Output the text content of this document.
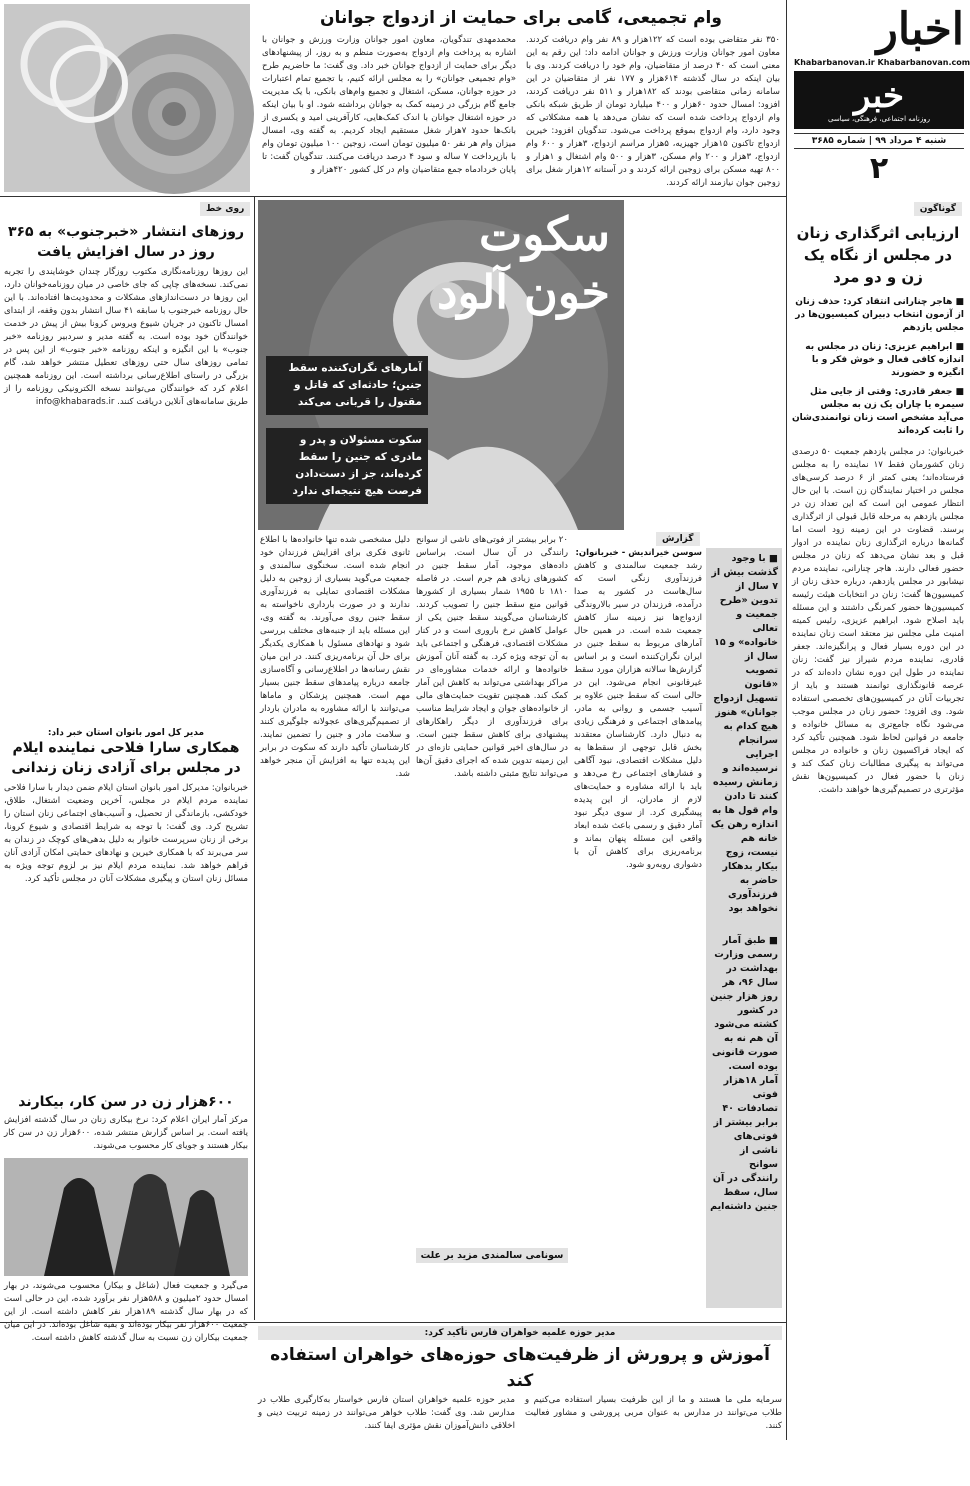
اخبار
Khabarbanovan.ir Khabarbanovan.com
خبر
روزنامه اجتماعی، فرهنگی، سیاسی
شنبه ۴ مرداد ۹۹ | شماره ۳۶۸۵
۲
وام تجمیعی، گامی برای حمایت از ازدواج جوانان
محمدمهدی تندگویان، معاون امور جوانان وزارت ورزش و جوانان با اشاره به پرداخت وام ازدواج به‌صورت منظم و به روز، از پیشنهادهای دیگر برای حمایت از ازدواج جوانان خبر داد. وی گفت: ما حاضریم طرح «وام تجمیعی جوانان» را به مجلس ارائه کنیم، با تجمیع تمام اعتبارات در حوزه جوانان، مسکن، اشتغال و تجمیع وام‌های بانکی، با یک مدیریت جامع گام بزرگی در زمینه کمک به جوانان برداشته شود. او با بیان اینکه در حوزه اشتغال جوانان با اندک کمک‌هایی، کارآفرینی امید و یکسری از بانک‌ها حدود ۷هزار شغل مستقیم ایجاد کردیم. به گفته وی، امسال میزان وام هر نفر ۵۰ میلیون تومان است، زوجین ۱۰۰ میلیون تومان وام با بازپرداخت ۷ ساله و سود ۴ درصد دریافت می‌کنند. تندگویان گفت: تا پایان خردادماه جمع متقاضیان وام در کل کشور ۴۲۰هزار و
۳۵۰ نفر متقاضی بوده است که ۱۲۲هزار و ۸۹ نفر وام دریافت کردند. معاون امور جوانان وزارت ورزش و جوانان ادامه داد: این رقم به این معنی است که ۴۰ درصد از متقاضیان، وام خود را دریافت کردند. وی با بیان اینکه در سال گذشته ۶۱۴هزار و ۱۷۷ نفر از متقاضیان در این سامانه زمانی متقاضی بودند که ۱۸۲هزار و ۵۱۱ نفر دریافت کردند، افزود: امسال حدود ۶۰هزار و ۴۰۰ میلیارد تومان از طریق شبکه بانکی وام ازدواج پرداخت شده است که نشان می‌دهد با همه مشکلاتی که وجود دارد، وام ازدواج بموقع پرداخت می‌شود. تندگویان افزود: خیرین ازدواج تاکنون ۱۵هزار جهیزیه، ۵هزار مراسم ازدواج، ۳هزار و ۶۰۰ وام ازدواج، ۳هزار و ۲۰۰ وام مسکن، ۳هزار و ۵۰۰ وام اشتغال و ۱هزار و ۸۰۰ تهیه مسکن برای زوجین ارائه کردند و در آستانه ۱۲هزار شغل برای زوجین جوان نیازمند ارائه کردند.
گوناگون
ارزیابی اثرگذاری زنان در مجلس از نگاه یک زن و دو مرد
■ هاجر چنارانی انتقاد کرد: حذف زنان از آزمون انتخاب دبیران کمیسیون‌ها در مجلس یازدهم
■ ابراهیم عزیزی: زنان در مجلس به اندازه کافی فعال و خوش فکر و با انگیزه و حضورند
■ جعفر قادری: وقتی از جایی مثل سیمره یا چاران یک زن به مجلس می‌آید مشخص است زنان توانمندی‌شان را ثابت کرده‌اند
خبربانوان: در مجلس یازدهم جمعیت ۵۰ درصدی زنان کشورمان فقط ۱۷ نماینده را به مجلس فرستاده‌اند؛ یعنی کمتر از ۶ درصد کرسی‌های مجلس در اختیار نمایندگان زن است. با این حال انتظار عمومی این است که این تعداد زن در مجلس یازدهم به مرحله قابل قبولی از اثرگذاری برسند. قضاوت در این زمینه زود است اما گمانه‌ها درباره اثرگذاری زنان نماینده در ادوار قبل و بعد نشان می‌دهد که زنان در مجلس حضور فعالی دارند. هاجر چنارانی، نماینده مردم نیشابور در مجلس یازدهم، درباره حذف زنان از کمیسیون‌ها گفت: زنان در انتخابات هیئت رئیسه کمیسیون‌ها حضور کمرنگی داشتند و این مسئله باید اصلاح شود. ابراهیم عزیزی، رئیس کمیته امنیت ملی مجلس نیز معتقد است زنان نماینده در این دوره بسیار فعال و پرانگیزه‌اند. جعفر قادری، نماینده مردم شیراز نیز گفت: زنان نماینده در طول این دوره نشان داده‌اند که در عرصه قانونگذاری توانمند هستند و باید از تجربیات آنان در کمیسیون‌های تخصصی استفاده شود. وی افزود: حضور زنان در مجلس موجب می‌شود نگاه جامع‌تری به مسائل خانواده و جامعه در قوانین لحاظ شود. همچنین تأکید کرد که ایجاد فراکسیون زنان و خانواده در مجلس می‌تواند به پیگیری مطالبات زنان کمک کند و زنان با حضور فعال در کمیسیون‌ها نقش مؤثرتری در تصمیم‌گیری‌ها خواهند داشت.
سکوت
خون آلود
آمارهای نگران‌کننده سقط جنین؛ حادثه‌ای که قاتل و مقتول را قربانی می‌کند
سکوت مسئولان و پدر و مادری که جنین را سقط کرده‌اند، جز از دست‌دادن فرصت هیچ نتیجه‌ای ندارد
■ با وجود گذشت بیش از ۷ سال از تدوین «طرح جمعیت و تعالی خانواده» و ۱۵ سال از تصویب «قانون تسهیل ازدواج جوانان» هنوز هیچ کدام به سرانجام اجرایی نرسیده‌اند و زمانش رسیده کنند تا دادن وام قول ها به اندازه رهن یک خانه هم نیست، زوج بیکار بدهکار حاضر به فرزندآوری نخواهد بود
■ طبق آمار رسمی وزارت بهداشت در سال ۹۶، هر روز هزار جنین در کشور کشته می‌شود آن هم نه به صورت قانونی بوده است. آمار ۱۸هزار فوتی تصادفات ۴۰ برابر بیشتر از فوتی‌های ناشی از سوانح رانندگی در آن سال، سقط جنین داشته‌ایم
گزارش
سوسن خیراندیش - خبربانوان:
رشد جمعیت سالمندی و کاهش فرزندآوری زنگی است که سال‌هاست در کشور به صدا درآمده، فرزندان در سیر بالاروندگی ازدواج‌ها نیز زمینه ساز کاهش جمعیت شده است. در همین حال آمارهای مربوط به سقط جنین در ایران نگران‌کننده است و بر اساس گزارش‌ها سالانه هزاران مورد سقط غیرقانونی انجام می‌شود. این در حالی است که سقط جنین علاوه بر آسیب جسمی و روانی به مادر، پیامدهای اجتماعی و فرهنگی زیادی به دنبال دارد. کارشناسان معتقدند بخش قابل توجهی از سقط‌ها به دلیل مشکلات اقتصادی، نبود آگاهی و فشارهای اجتماعی رخ می‌دهد و باید با ارائه مشاوره و حمایت‌های لازم از مادران، از این پدیده پیشگیری کرد. از سوی دیگر نبود آمار دقیق و رسمی باعث شده ابعاد واقعی این مسئله پنهان بماند و برنامه‌ریزی برای کاهش آن با دشواری روبه‌رو شود.
۲۰ برابر بیشتر از فوتی‌های ناشی از سوانح رانندگی در آن سال است. براساس داده‌های موجود، آمار سقط جنین در کشورهای زیادی هم جرم است. در فاصله ۱۸۱۰ تا ۱۹۵۵ شمار بسیاری از کشورها قوانین منع سقط جنین را تصویب کردند. کارشناسان می‌گویند سقط جنین یکی از عوامل کاهش نرخ باروری است و در کنار مشکلات اقتصادی، فرهنگی و اجتماعی باید به آن توجه ویژه کرد. به گفته آنان آموزش خانواده‌ها و ارائه خدمات مشاوره‌ای در مراکز بهداشتی می‌تواند به کاهش این آمار کمک کند. همچنین تقویت حمایت‌های مالی از خانواده‌های جوان و ایجاد شرایط مناسب برای فرزندآوری از دیگر راهکارهای پیشنهادی برای کاهش سقط جنین است. در سال‌های اخیر قوانین حمایتی تازه‌ای در این زمینه تدوین شده که اجرای دقیق آن‌ها می‌تواند نتایج مثبتی داشته باشد.
سونامی سالمندی مزید بر علت
دلیل مشخصی شده تنها خانواده‌ها با اطلاع ثانوی فکری برای افزایش فرزندان خود انجام شده است. سخنگوی سالمندی و جمعیت می‌گوید بسیاری از زوجین به دلیل مشکلات اقتصادی تمایلی به فرزندآوری ندارند و در صورت بارداری ناخواسته به سقط جنین روی می‌آورند. به گفته وی، این مسئله باید از جنبه‌های مختلف بررسی شود و نهادهای مسئول با همکاری یکدیگر برای حل آن برنامه‌ریزی کنند. در این میان نقش رسانه‌ها در اطلاع‌رسانی و آگاه‌سازی جامعه درباره پیامدهای سقط جنین بسیار مهم است. همچنین پزشکان و ماماها می‌توانند با ارائه مشاوره به مادران باردار از تصمیم‌گیری‌های عجولانه جلوگیری کنند و سلامت مادر و جنین را تضمین نمایند. کارشناسان تأکید دارند که سکوت در برابر این پدیده تنها به افزایش آن منجر خواهد شد.
روی خط
روزهای انتشار «خبرجنوب» به ۳۶۵ روز در سال افزایش یافت
این روزها روزنامه‌نگاری مکتوب روزگار چندان خوشایندی را تجربه نمی‌کند. نسخه‌های چاپی که جای خاصی در میان روزنامه‌خوانان دارد، این روزها در دست‌اندازهای مشکلات و محدودیت‌ها افتاده‌اند. با این حال روزنامه خبرجنوب با سابقه ۴۱ سال انتشار بدون وقفه، از ابتدای امسال تاکنون در جریان شیوع ویروس کرونا بیش از پیش در خدمت خوانندگان خود بوده است. به گفته مدیر و سردبیر روزنامه «خبر جنوب» با این انگیزه و اینکه روزنامه «خبر جنوب» از این پس در تمامی روزهای سال حتی روزهای تعطیل منتشر خواهد شد، گام بزرگی در راستای اطلاع‌رسانی برداشته است. این روزنامه همچنین اعلام کرد که خوانندگان می‌توانند نسخه الکترونیکی روزنامه را از طریق سامانه‌های آنلاین دریافت کنند. info@khabarads.ir
مدیر کل امور بانوان استان خبر داد:
همکاری سارا فلاحی نماینده ایلام در مجلس برای آزادی زنان زندانی
خبربانوان: مدیرکل امور بانوان استان ایلام ضمن دیدار با سارا فلاحی نماینده مردم ایلام در مجلس، آخرین وضعیت اشتغال، طلاق، خودکشی، بازماندگی از تحصیل، و آسیب‌های اجتماعی زنان استان را تشریح کرد. وی گفت: با توجه به شرایط اقتصادی و شیوع کرونا، برخی از زنان سرپرست خانوار به دلیل بدهی‌های کوچک در زندان به سر می‌برند که با همکاری خیرین و نهادهای حمایتی امکان آزادی آنان فراهم خواهد شد. نماینده مردم ایلام نیز بر لزوم توجه ویژه به مسائل زنان استان و پیگیری مشکلات آنان در مجلس تأکید کرد.
۶۰۰هزار زن در سن کار، بیکارند
مرکز آمار ایران اعلام کرد: نرخ بیکاری زنان در سال گذشته افزایش یافته است. بر اساس گزارش منتشر شده، ۶۰۰هزار زن در سن کار بیکار هستند و جویای کار محسوب می‌شوند.
می‌گیرد و جمعیت فعال (شاغل و بیکار) محسوب می‌شوند، در بهار امسال حدود ۲میلیون و ۵۸۸هزار نفر برآورد شده، این در حالی است که در بهار سال گذشته ۱۸۹هزار نفر کاهش داشته است. از این جمعیت ۶۰۰هزار نفر بیکار بوده‌اند و بقیه شاغل بوده‌اند. در این میان جمعیت بیکاران زن نسبت به سال گذشته کاهش داشته است.	مدیر حوزه علمیه خواهران فارس تأکید کرد:
آموزش و پرورش از ظرفیت‌های حوزه‌های خواهران استفاده کند
مدیر حوزه علمیه خواهران استان فارس خواستار به‌کارگیری طلاب در مدارس شد. وی گفت: طلاب خواهر می‌توانند در زمینه تربیت دینی و اخلاقی دانش‌آموزان نقش مؤثری ایفا کنند.
سرمایه ملی ما هستند و ما از این ظرفیت بسیار استفاده می‌کنیم و طلاب می‌توانند در مدارس به عنوان مربی پرورشی و مشاور فعالیت کنند.
